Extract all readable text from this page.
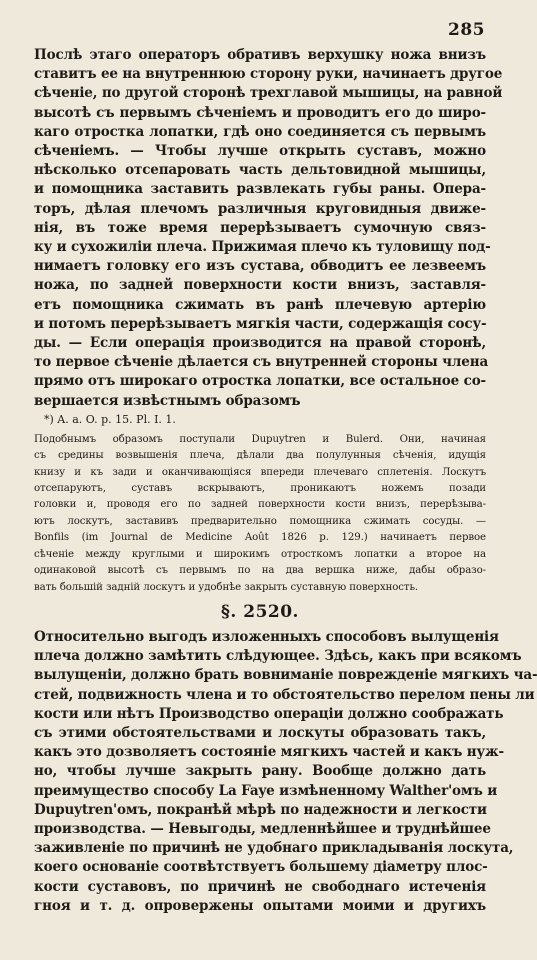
285
Послѣ этаго операторъ обративъ верхушку ножа внизъ
ставитъ ее на внутреннюю сторону руки, начинаетъ другое
сѣченіе, по другой сторонѣ трехглавой мышицы, на равной
высотѣ съ первымъ сѣченіемъ и проводитъ его до широ-
каго отростка лопатки, гдѣ оно соединяется съ первымъ
сѣченіемъ. — Чтобы лучше открыть суставъ, можно
нѣсколько отсепаровать часть дельтовидной мышицы,
и помощника заставить развлекать губы раны. Опера-
торъ, дѣлая плечомъ различныя круговидныя движе-
нія, въ тоже время перерѣзываетъ сумочную связ-
ку и сухожиліи плеча. Прижимая плечо къ туловищу под-
нимаетъ головку его изъ сустава, обводитъ ее лезвеемъ
ножа, по задней поверхности кости внизъ, заставля-
етъ помощника сжимать въ ранѣ плечевую артерію
и потомъ перерѣзываетъ мягкія части, содержащія сосу-
ды. — Если операція производится на правой сторонѣ,
то первое сѣченіе дѣлается съ внутренней стороны члена
прямо отъ широкаго отростка лопатки, все остальное со-
вершается извѣстнымъ образомъ
*) A. a. O. p. 15. Pl. I. 1.
Подобнымъ образомъ поступали Dupuytren и Bulerd. Они, начиная
съ средины возвышенія плеча, дѣлали два полулунныя сѣченія, идущія
книзу и къ зади и оканчивающіяся впереди плечеваго сплетенія. Лоскутъ
отсепаруютъ, суставъ вскрываютъ, проникаютъ ножемъ позади
головки и, проводя его по задней поверхности кости внизъ, перерѣзыва-
ютъ лоскутъ, заставивъ предварительно помощника сжимать сосуды. —
Bonfils (im Journal de Medicine Août 1826 p. 129.) начинаетъ первое
сѣченіе между круглыми и широкимъ отросткомъ лопатки а второе на
одинаковой высотѣ съ первымъ по на два вершка ниже, дабы образо-
вать большій задній лоскутъ и удобнѣе закрыть суставную поверхность.
§. 2520.
Относительно выгодъ изложенныхъ способовъ вылущенія
плеча должно замѣтить слѣдующее. Здѣсь, какъ при всякомъ
вылущеніи, должно брать вовниманіе поврежденіе мягкихъ ча-
стей, подвижность члена и то обстоятельство перелом пены ли
кости или нѣтъ Производство операціи должно соображать
съ этими обстоятельствами и лоскуты образовать такъ,
какъ это дозволяетъ состояніе мягкихъ частей и какъ нуж-
но, чтобы лучше закрыть рану. Вообще должно дать
преимущество способу La Faye измѣненному Walther'омъ и
Dupuytren'омъ, покранѣй мѣрѣ по надежности и легкости
производства. — Невыгоды, медленнѣйшее и труднѣйшее
заживленіе по причинѣ не удобнаго прикладыванія лоскута,
коего основаніе соотвѣтствуетъ большему діаметру плос-
кости суставовъ, по причинѣ не свободнаго истеченія
гноя и т. д. опровержены опытами моими и другихъ
